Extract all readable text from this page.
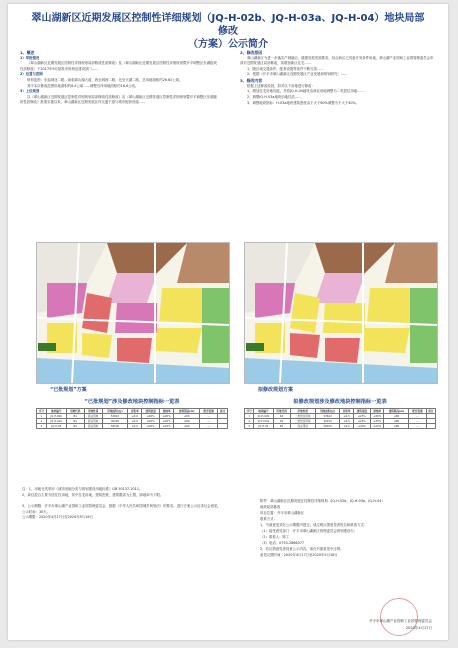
翠山湖新区近期发展区控制性详细规划（JQ-H-02b、JQ-H-03a、JQ-H-04）地块局部修改
（方案）公示简介

1、概述

1）审批情况

《翠山湖新区近期发展区控制性详细规划局部修改性质修改》及《翠山湖新区近期发展区控制性详细规划暨开平调整区东湖板块性质修改》于2017年9月批准市规划及建设部门……

2）位置与范围

规划范围：东起城北二路、南临翠山湖大道、西至城西二路、北至天湖二路，总用地面积约26.62公顷。

其中本次修改范围用地面积约6.4公顷……调整后净用地面积约16.6公顷。

3）上位规划

以《翠山湖新区近期发展区控制性详细规划局部修改性质修改》及《翠山湖新区近期发展区控制性详细规划暨开平调整区东湖板块性质修改》批准实施以来，翠山湖新区近期发展区内交通干道与城市配套设施……

2、修改原因

翠山湖新区为进一步落实产城融合、健康发展发展要求，结合新区已具备开发条件用地，翠山湖产业园和工业园管理委员会申请对近期发展区局部修改，拟增加新区住宅……

1、随区域交通条件、配套设施等条件不断完善……

2、根据《开平市翠山湖新区近期发展区产业发展和规划研究》……

3、修改内容

根据上述修改原因，拟对以下用地进行修改：

1、增加住宅用地功能，并将JQ-H-04地块由商业用地调整为二类居住用地……

2、调整JQ-H-03a地块用地性质……

3、调整地块指标：H-03a地块建筑密度由不大于60%调整为不大于40%。

“已批规划”方案	拟修改规划方案
“已批规划”涉及修改地块控制指标一览表
序号	地块编号	用地代码	用地性质	用地面积(㎡)	容积率	建筑密度	绿地率	建筑限高(m)	配套设施	备注
1	JQ-H-02b	B1	商业用地	53622	≤3.0	≤40%	≥20%	≤80	—	
2	JQ-H-03a	B1	商业用地	36230	≤3.0	≤40%	≥20%	≤80	—	
3	JQ-H-04	B1	商业用地	58100	≤3.0	≤40%	≥20%	≤80	—	
拟修改规划涉及修改地块控制指标一览表
序号	地块编号	用地代码	用地性质	用地面积(㎡)	容积率	建筑密度	绿地率	建筑限高(m)	配套设施	备注
1	JQ-H-02b	R2	二类居住用地	53622	≤2.5	≤25%	≥30%	≤80	—	
2	JQ-H-03a	R2	二类居住用地	36230	≤2.5	≤25%	≥30%	≤80	—	
3	JQ-H-04	B1	商业用地	58100	≤3.0	≤40%	≥20%	≤80	—	

注：1、用地分类采用《城市用地分类与规划建设用地标准》GB 50137-2011。

2、商住混合主要为居住性用地，其中住宅用地、建筑密度、建筑限高为上限，绿地率为下限。

5、公示期限：开平市翠山湖产业园和工业园管理委员会，根据《中华人民共和国城乡规划法》的要求，进行方案公示征求社会意见。

公示时间：30天。

公示期限：2020年4月17日至2020年5月16日

附件：翠山湖新区近期发展区控制性详细规划（JQ-H-02b、JQ-H-03a、JQ-H-04）

地块局部修改

项目位置：开平市翠山湖新区

联系方式：

1、书面意见须在公示期限内提交，请注明反馈意见者姓名和联系方式；

（1）接受意见部门：开平市翠山湖新区管理委员会规划建设办；

（2）联系人：陈工

（3）电话：0750-2666077

2、若反馈意见者同意公示内容，请在书面意见中注明；

意见反馈时间：2020年4月17日至2020年5月16日

开平市翠山湖产业园和工业园管理委员会
2020年4月17日
